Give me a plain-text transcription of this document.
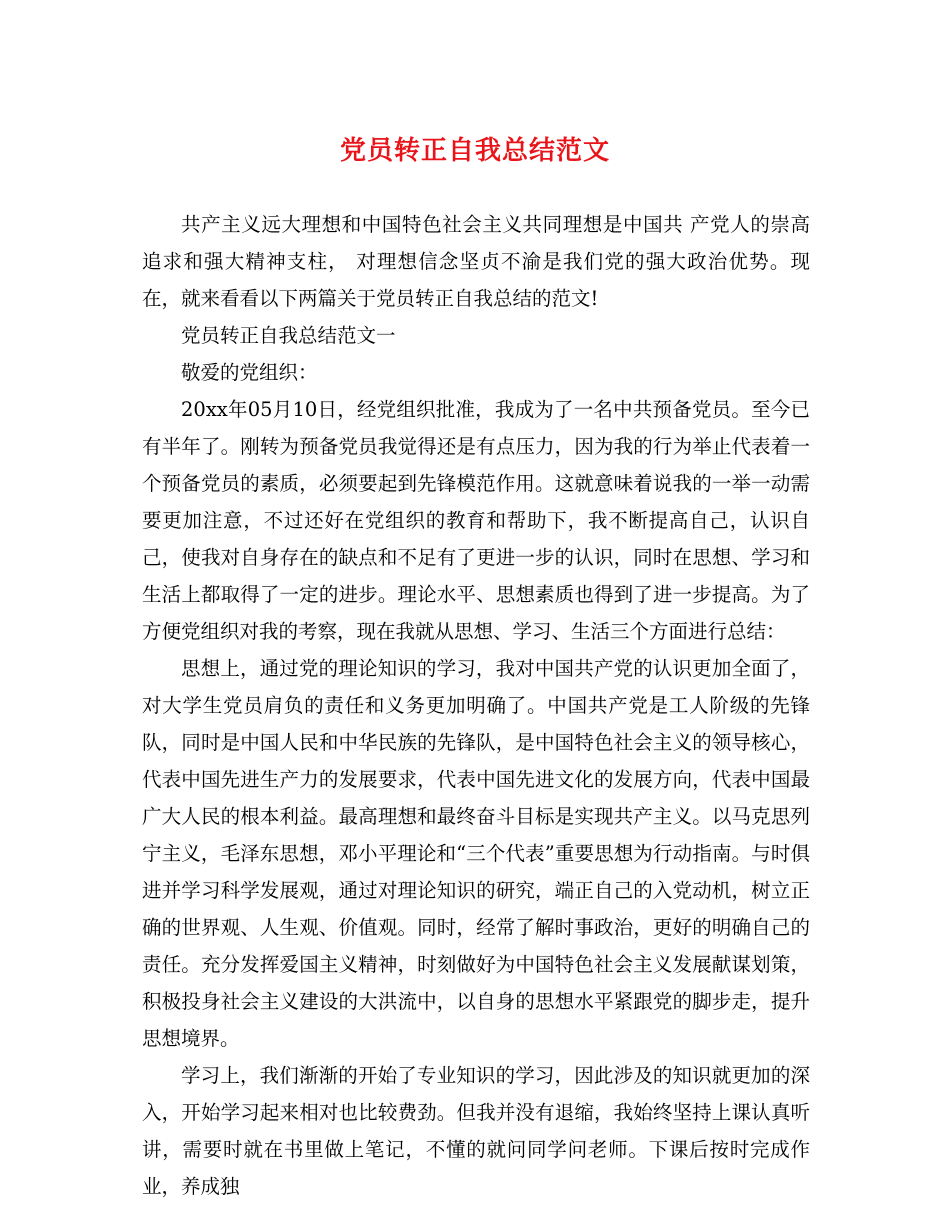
党员转正自我总结范文

共产主义远大理想和中国特色社会主义共同理想是中国共 产党人的崇高追求和强大精神支柱， 对理想信念坚贞不渝是我们党的强大政治优势。现在，就来看看以下两篇关于党员转正自我总结的范文!

党员转正自我总结范文一

敬爱的党组织：

20xx年05月10日，经党组织批准，我成为了一名中共预备党员。至今已有半年了。刚转为预备党员我觉得还是有点压力，因为我的行为举止代表着一个预备党员的素质，必须要起到先锋模范作用。这就意味着说我的一举一动需要更加注意，不过还好在党组织的教育和帮助下，我不断提高自己，认识自己，使我对自身存在的缺点和不足有了更进一步的认识，同时在思想、学习和生活上都取得了一定的进步。理论水平、思想素质也得到了进一步提高。为了方便党组织对我的考察，现在我就从思想、学习、生活三个方面进行总结：

思想上，通过党的理论知识的学习，我对中国共产党的认识更加全面了，对大学生党员肩负的责任和义务更加明确了。中国共产党是工人阶级的先锋队，同时是中国人民和中华民族的先锋队，是中国特色社会主义的领导核心，代表中国先进生产力的发展要求，代表中国先进文化的发展方向，代表中国最广大人民的根本利益。最高理想和最终奋斗目标是实现共产主义。以马克思列宁主义，毛泽东思想，邓小平理论和“三个代表”重要思想为行动指南。与时俱进并学习科学发展观，通过对理论知识的研究，端正自己的入党动机，树立正确的世界观、人生观、价值观。同时，经常了解时事政治，更好的明确自己的责任。充分发挥爱国主义精神，时刻做好为中国特色社会主义发展献谋划策，积极投身社会主义建设的大洪流中，以自身的思想水平紧跟党的脚步走，提升思想境界。

学习上，我们渐渐的开始了专业知识的学习，因此涉及的知识就更加的深入，开始学习起来相对也比较费劲。但我并没有退缩，我始终坚持上课认真听讲，需要时就在书里做上笔记，不懂的就问同学问老师。下课后按时完成作业，养成独
